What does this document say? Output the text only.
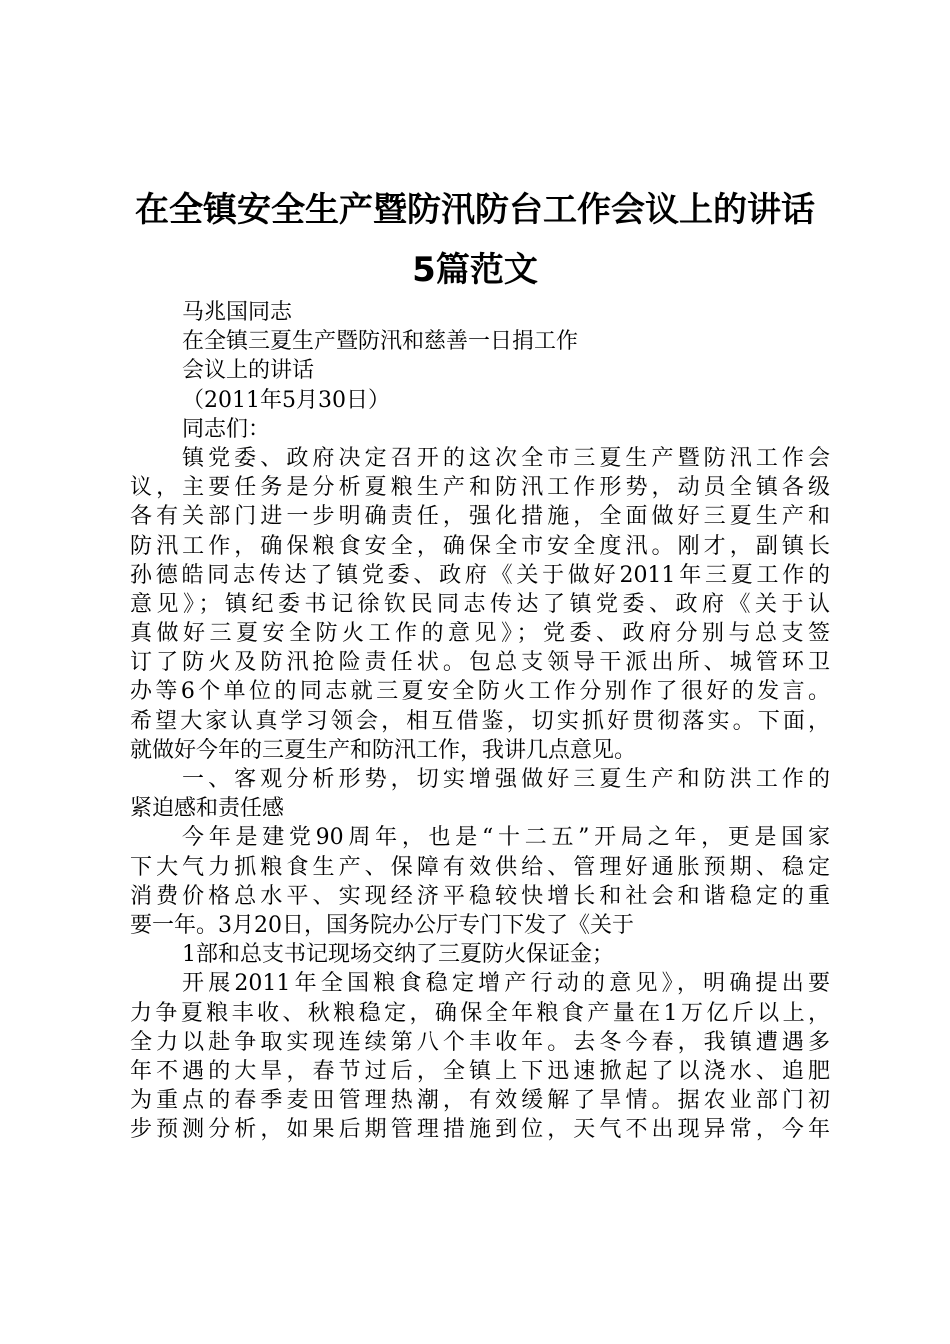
在全镇安全生产暨防汛防台工作会议上的讲话
5篇范文
马兆国同志
在全镇三夏生产暨防汛和慈善一日捐工作
会议上的讲话
（2011年5月30日）
同志们：
镇党委、政府决定召开的这次全市三夏生产暨防汛工作会
议，主要任务是分析夏粮生产和防汛工作形势，动员全镇各级
各有关部门进一步明确责任，强化措施，全面做好三夏生产和
防汛工作，确保粮食安全，确保全市安全度汛。刚才，副镇长
孙德皓同志传达了镇党委、政府《关于做好2011年三夏工作的
意见》；镇纪委书记徐钦民同志传达了镇党委、政府《关于认
真做好三夏安全防火工作的意见》；党委、政府分别与总支签
订了防火及防汛抢险责任状。包总支领导干派出所、城管环卫
办等6个单位的同志就三夏安全防火工作分别作了很好的发言。
希望大家认真学习领会，相互借鉴，切实抓好贯彻落实。下面，
就做好今年的三夏生产和防汛工作，我讲几点意见。
一、客观分析形势，切实增强做好三夏生产和防洪工作的
紧迫感和责任感
今年是建党90周年，也是“十二五”开局之年，更是国家
下大气力抓粮食生产、保障有效供给、管理好通胀预期、稳定
消费价格总水平、实现经济平稳较快增长和社会和谐稳定的重
要一年。3月20日，国务院办公厅专门下发了《关于
1部和总支书记现场交纳了三夏防火保证金；
开展2011年全国粮食稳定增产行动的意见》，明确提出要
力争夏粮丰收、秋粮稳定，确保全年粮食产量在1万亿斤以上，
全力以赴争取实现连续第八个丰收年。去冬今春，我镇遭遇多
年不遇的大旱，春节过后，全镇上下迅速掀起了以浇水、追肥
为重点的春季麦田管理热潮，有效缓解了旱情。据农业部门初
步预测分析，如果后期管理措施到位，天气不出现异常，今年
